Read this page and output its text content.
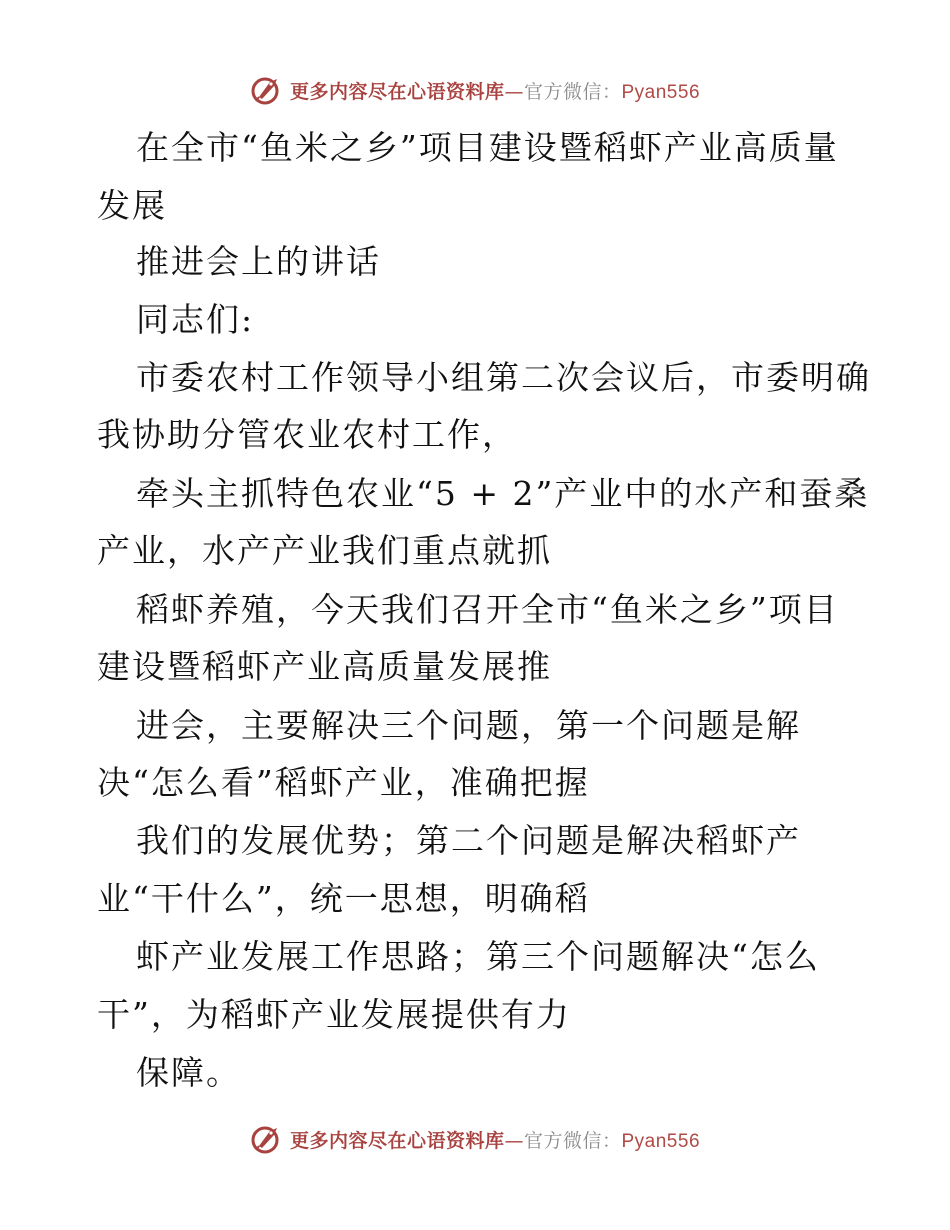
更多内容尽在心语资料库—官方微信：Pyan556
在全市“鱼米之乡”项目建设暨稻虾产业高质量
发展
推进会上的讲话
同志们:
市委农村工作领导小组第二次会议后，市委明确
我协助分管农业农村工作，
牵头主抓特色农业“5 + 2”产业中的水产和蚕桑
产业，水产产业我们重点就抓
稻虾养殖，今天我们召开全市“鱼米之乡”项目
建设暨稻虾产业高质量发展推
进会，主要解决三个问题，第一个问题是解
决“怎么看”稻虾产业，准确把握
我们的发展优势；第二个问题是解决稻虾产
业“干什么”，统一思想，明确稻
虾产业发展工作思路；第三个问题解决“怎么
干”，为稻虾产业发展提供有力
保障。
更多内容尽在心语资料库—官方微信：Pyan556
